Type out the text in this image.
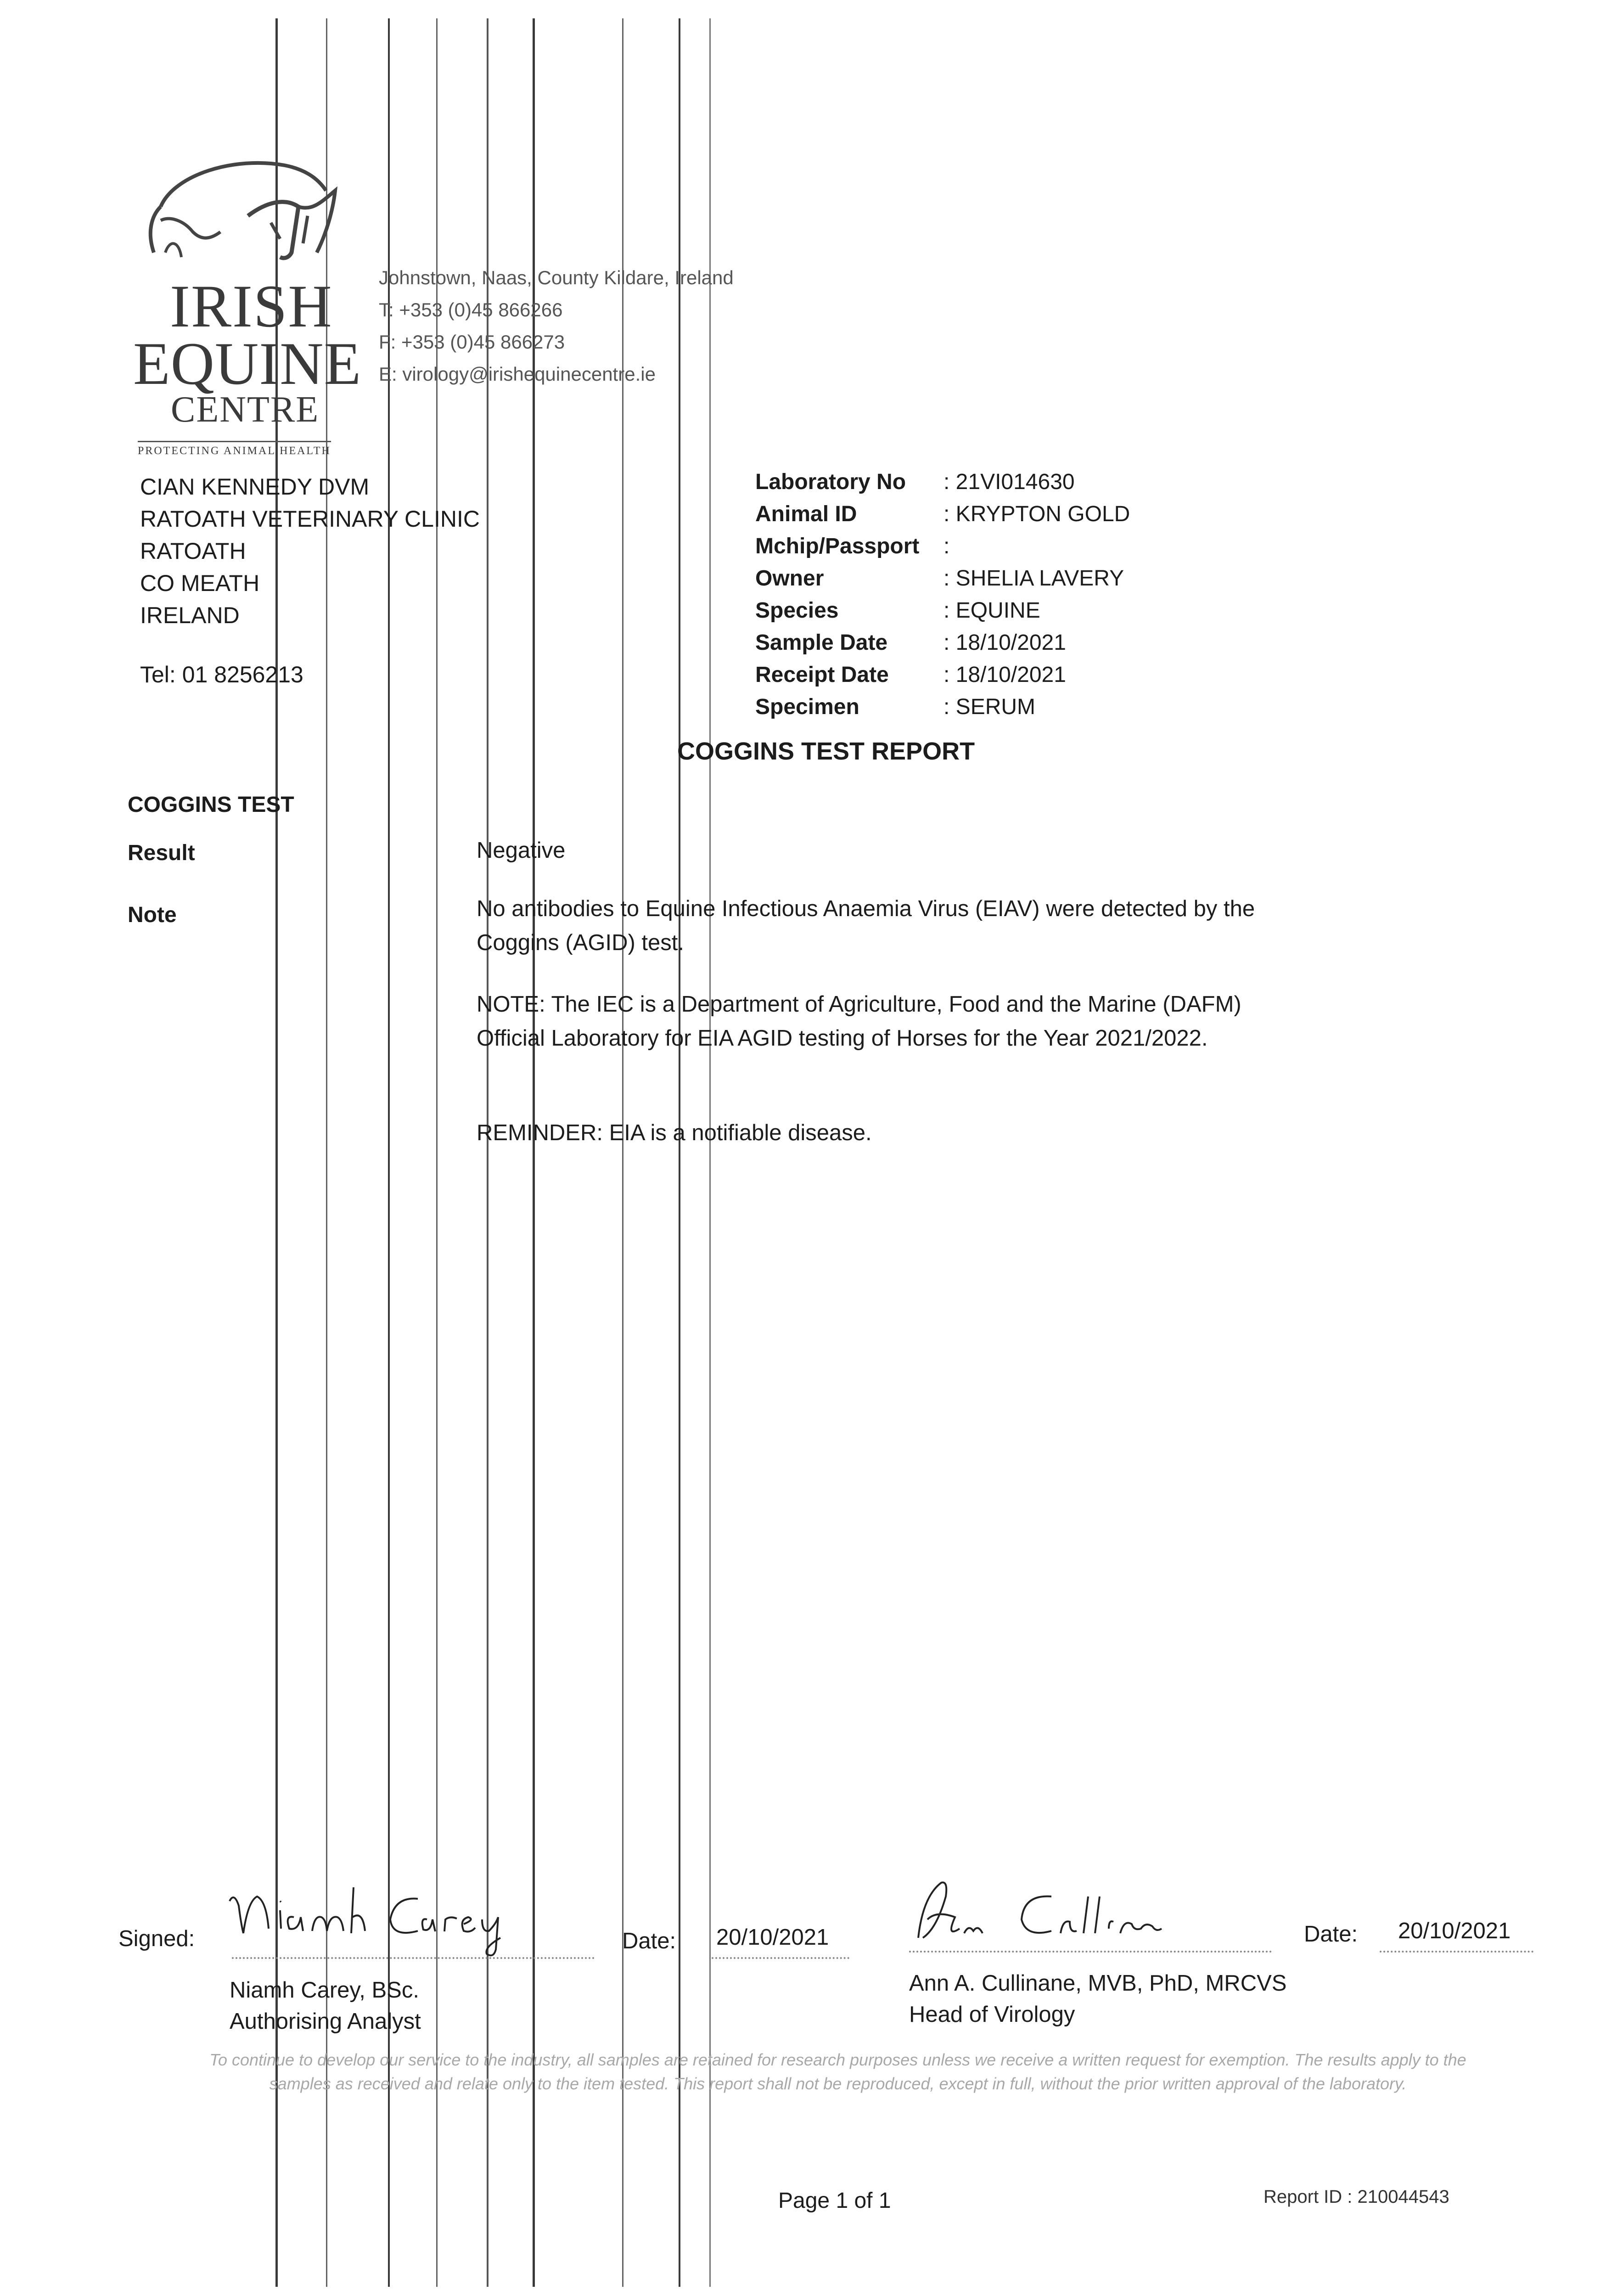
IRISH
EQUINE
CENTRE
PROTECTING ANIMAL HEALTH
Johnstown, Naas, County Kildare, Ireland
T: +353 (0)45 866266
F: +353 (0)45 866273
E: virology@irishequinecentre.ie
CIAN KENNEDY DVM
RATOATH VETERINARY CLINIC
RATOATH
CO MEATH
IRELAND
Tel: 01 8256213
Laboratory No	: 21VI014630
Animal ID	: KRYPTON GOLD
Mchip/Passport	:
Owner	: SHELIA LAVERY
Species	: EQUINE
Sample Date	: 18/10/2021
Receipt Date	: 18/10/2021
Specimen	: SERUM
COGGINS TEST REPORT
COGGINS TEST
Result	Negative
Note	No antibodies to Equine Infectious Anaemia Virus (EIAV) were detected by the Coggins (AGID) test.
NOTE: The IEC is a Department of Agriculture, Food and the Marine (DAFM) Official Laboratory for EIA AGID testing of Horses for the Year 2021/2022.
REMINDER: EIA is a notifiable disease.
Signed:
Niamh Carey, BSc.
Authorising Analyst
Date: 20/10/2021
Ann A. Cullinane, MVB, PhD, MRCVS
Head of Virology
Date: 20/10/2021
To continue to develop our service to the industry, all samples are retained for research purposes unless we receive a written request for exemption. The results apply to the samples as received and relate only to the item tested. This report shall not be reproduced, except in full, without the prior written approval of the laboratory.
Page 1 of 1	Report ID : 210044543
